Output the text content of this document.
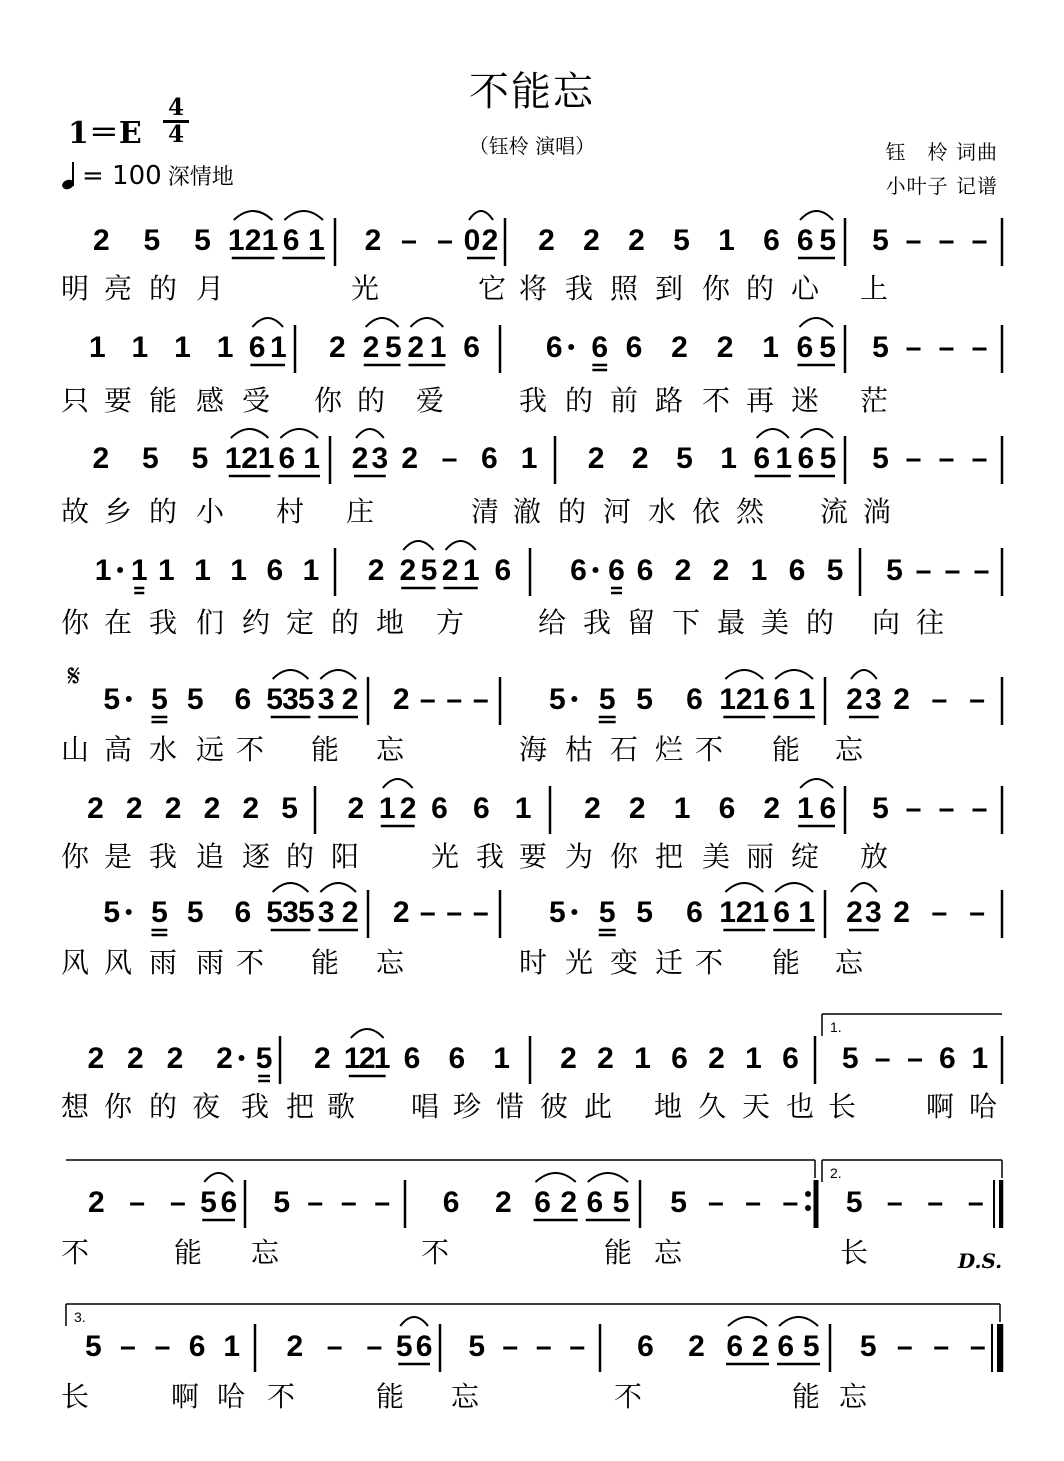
不能忘
（钰柃 演唱）
1＝E
4
4
= 100 深情地
钰　柃 词曲
小叶子 记谱
2 5 5 1 2 1 6 1 2	0 2 2 2 2 5 1 6 6 5 5
明 亮 的 月	光	它 将 我 照 到 你 的 心 上
1 1 1 1 6 1 2 2 5 2 1 6 6 6 6 2 2 1 6 5 5
只 要 能 感 受 你 的 爱	我 的 前 路 不 再 迷 茫
2 5 5 1 2 1 6 1 2 3 2 6 1 2 2 5 1 6 1 6 5 5
故 乡 的 小 村 庄	清 澈 的 河 水 依 然 流 淌
1 1 1 1 1 6 1 2 2 5 2 1 6 6 6 6 2 2 1 6 5 5
你 在 我 们 约 定 的 地 方	给 我 留 下 最 美 的 向 往
5 5 5 6 5 3 5 3 2 2	5 5 5 6 1 2 1 6 1 2 3 2
山 高 水 远 不 能 忘	海 枯 石 烂 不 能 忘
2 2 2 2 2 5 2 1 2 6 6 1 2 2 1 6 2 1 6 5
你 是 我 追 逐 的 阳	光 我 要 为 你 把 美 丽 绽 放
5 5 5 6 5 3 5 3 2 2	5 5 5 6 1 2 1 6 1 2 3 2
风 风 雨 雨 不 能 忘	时 光 变 迁 不 能 忘
2 2 2 2 5 2 1
2
1 6 6 1 2 2 1 6 2 1 6 5	6 1
想 你 的 夜 我 把 歌 唱 珍 惜 彼 此 地 久 天 也 长 啊 哈
2	5 6 5	6 2 6 2 6 5 5	5
不	能 忘	不	能 忘	长
5	6 1 2	5 6 5	6 2 6 2 6 5 5
长	啊 哈 不	能 忘	不	能 忘
𝄋
D.S.
1.
2.
3.
